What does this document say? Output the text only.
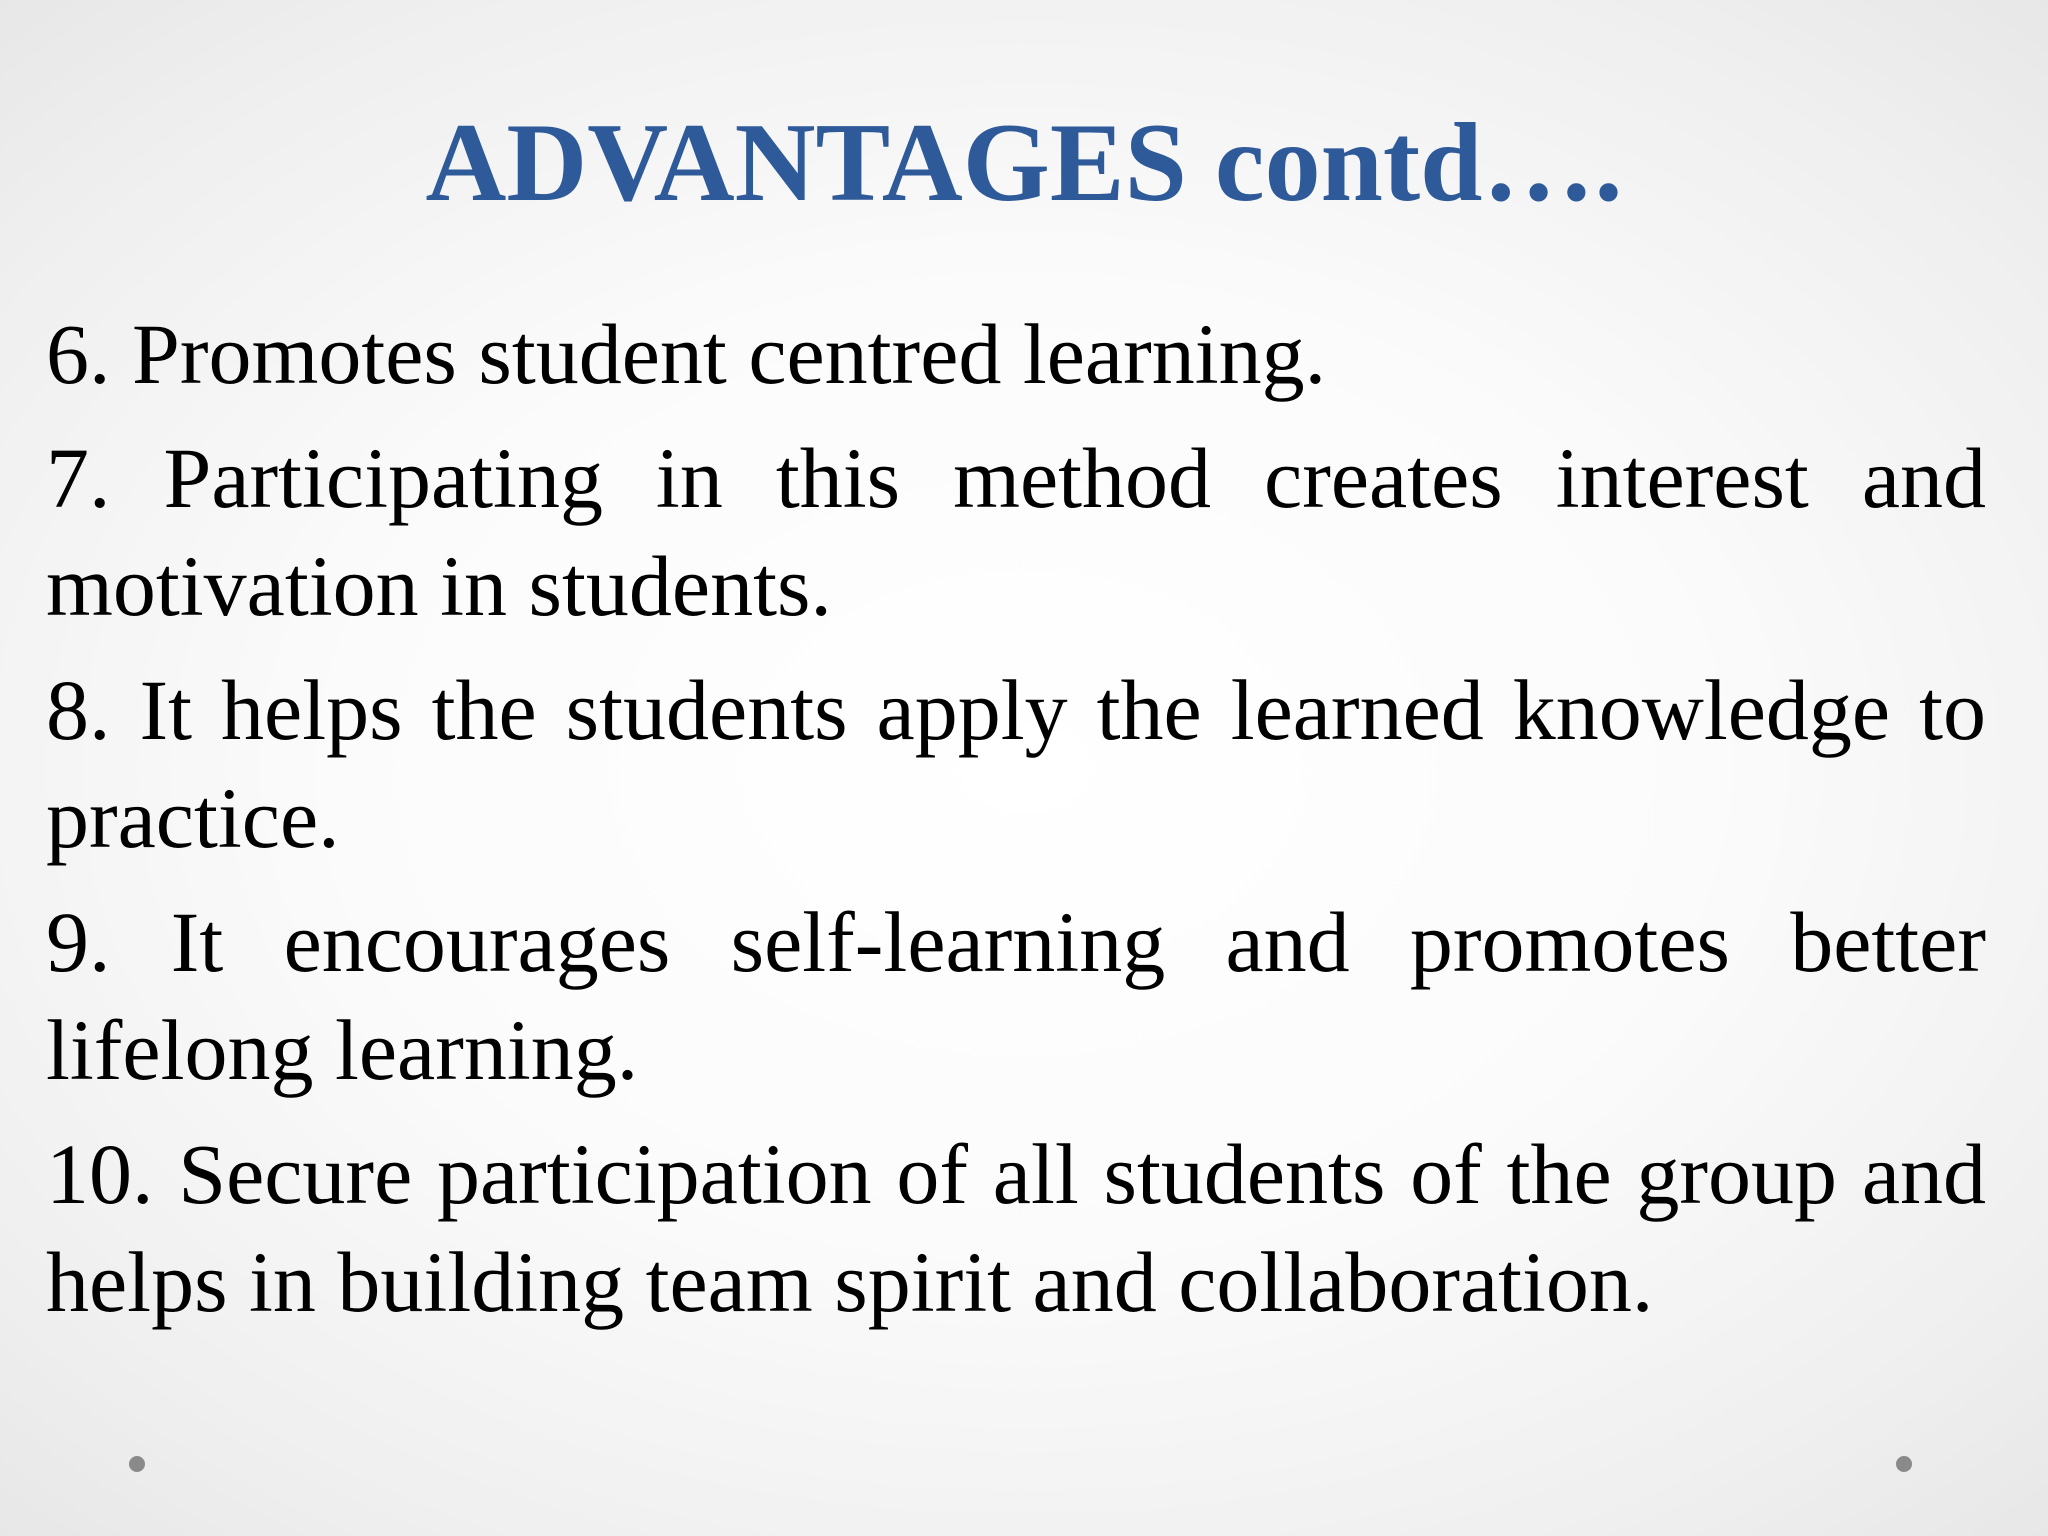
ADVANTAGES contd….
6. Promotes student centred learning.
7. Participating in this method creates interest and motivation in students.
8. It helps the students apply the learned knowledge to practice.
9. It encourages self-learning and promotes better lifelong learning.
10. Secure participation of all students of the group and helps in building team spirit and collaboration.
